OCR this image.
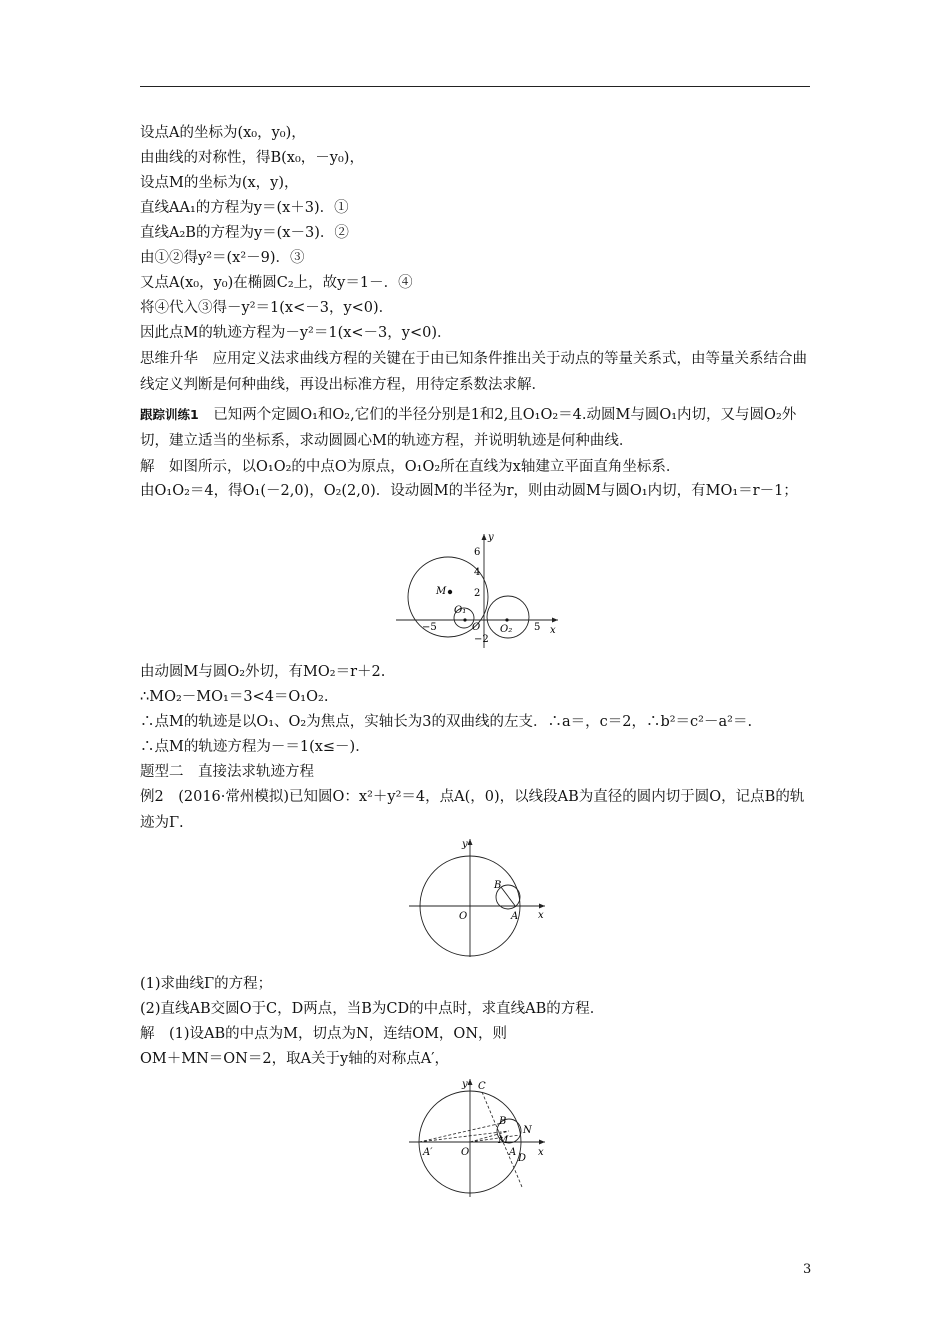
设点A的坐标为(x₀，y₀)，

由曲线的对称性，得B(x₀，－y₀)，

设点M的坐标为(x，y)，

直线AA₁的方程为y＝(x＋3)．①

直线A₂B的方程为y＝(x－3)．②

由①②得y²＝(x²－9)．③

又点A(x₀，y₀)在椭圆C₂上，故y＝1－．④

将④代入③得－y²＝1(x<－3，y<0)．

因此点M的轨迹方程为－y²＝1(x<－3，y<0)．

思维升华　应用定义法求曲线方程的关键在于由已知条件推出关于动点的等量关系式，由等量关系结合曲线定义判断是何种曲线，再设出标准方程，用待定系数法求解．

跟踪训练1　已知两个定圆O₁和O₂,它们的半径分别是1和2,且O₁O₂＝4.动圆M与圆O₁内切，又与圆O₂外切，建立适当的坐标系，求动圆圆心M的轨迹方程，并说明轨迹是何种曲线．

解　如图所示，以O₁O₂的中点O为原点，O₁O₂所在直线为x轴建立平面直角坐标系．

由O₁O₂＝4，得O₁(－2,0)，O₂(2,0)．设动圆M的半径为r，则由动圆M与圆O₁内切，有MO₁＝r－1；

y
x
6
4
2
−2
−5	5
M
O₁
O O₂

由动圆M与圆O₂外切，有MO₂＝r＋2.

∴MO₂－MO₁＝3<4＝O₁O₂.

∴点M的轨迹是以O₁、O₂为焦点，实轴长为3的双曲线的左支．∴a＝，c＝2，∴b²＝c²－a²＝.

∴点M的轨迹方程为－＝1(x≤－)．

题型二　直接法求轨迹方程

例2　(2016·常州模拟)已知圆O：x²＋y²＝4，点A(，0)，以线段AB为直径的圆内切于圆O，记点B的轨迹为Γ.

y
x
O
B
A

(1)求曲线Γ的方程；

(2)直线AB交圆O于C，D两点，当B为CD的中点时，求直线AB的方程．

解　(1)设AB的中点为M，切点为N，连结OM，ON，则

OM＋MN＝ON＝2，取A关于y轴的对称点A′，

y
x
O
C
B
N
M
A
D
A′
3
